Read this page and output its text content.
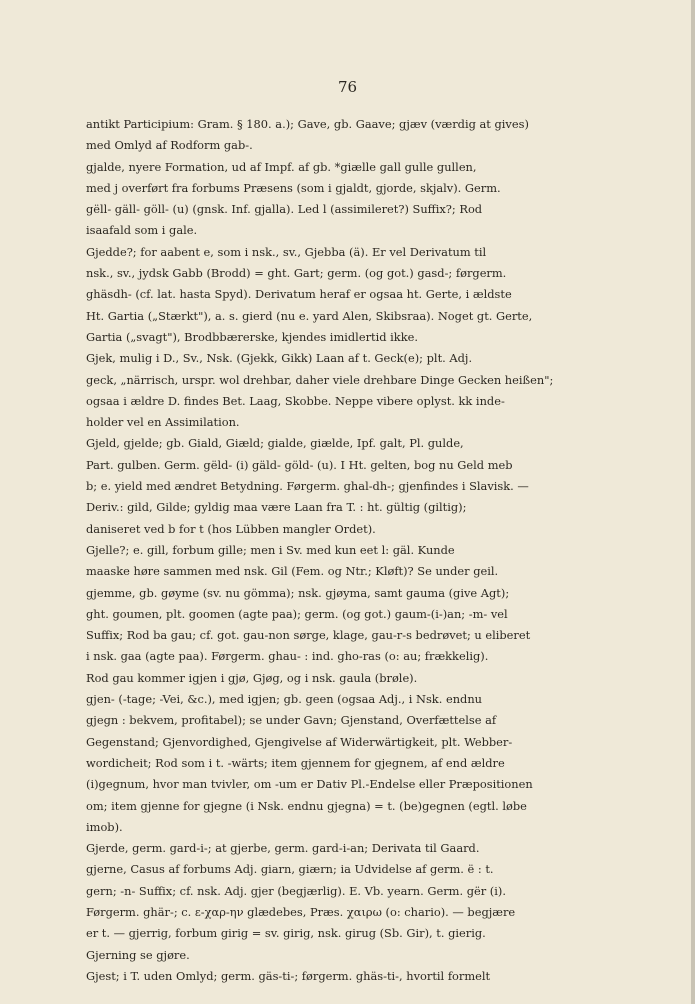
76
antikt Participium: Gram. § 180. a.); Gave, gb. Gaave; gjæv (værdig at gives)
med Omlyd af Rodform gab-.
gjalde, nyere Formation, ud af Impf. af gb. *giælle gall gulle gullen,
med j overført fra forbums Præsens (som i gjaldt, gjorde, skjalv). Germ.
gëll- gäll- göll- (u) (gnsk. Inf. gjalla). Led l (assimileret?) Suffix?; Rod
isaafald som i gale.
Gjedde?; for aabent e, som i nsk., sv., Gjebba (ä). Er vel Derivatum til
nsk., sv., jydsk Gabb (Brodd) = ght. Gart; germ. (og got.) gasd-; førgerm.
ghäsdh- (cf. lat. hasta Spyd). Derivatum heraf er ogsaa ht. Gerte, i ældste
Ht. Gartia („Stærkt"), a. s. gierd (nu e. yard Alen, Skibsraa). Noget gt. Gerte,
Gartia („svagt"), Brodbbærerske, kjendes imidlertid ikke.
Gjek, mulig i D., Sv., Nsk. (Gjekk, Gikk) Laan af t. Geck(e); plt. Adj.
geck, „närrisch, urspr. wol drehbar, daher viele drehbare Dinge Gecken heißen";
ogsaa i ældre D. findes Bet. Laag, Skobbe. Neppe vibere oplyst. kk inde-
holder vel en Assimilation.
Gjeld, gjelde; gb. Giald, Giæld; gialde, giælde, Ipf. galt, Pl. gulde,
Part. gulben. Germ. gëld- (i) gäld- göld- (u). I Ht. gelten, bog nu Geld meb
b; e. yield med ændret Betydning. Førgerm. ghal-dh-; gjenfindes i Slavisk. —
Deriv.: gild, Gilde; gyldig maa være Laan fra T. : ht. gültig (giltig);
daniseret ved b for t (hos Lübben mangler Ordet).
Gjelle?; e. gill, forbum gille; men i Sv. med kun eet l: gäl. Kunde
maaske høre sammen med nsk. Gil (Fem. og Ntr.; Kløft)? Se under geil.
gjemme, gb. gøyme (sv. nu gömma); nsk. gjøyma, samt gauma (give Agt);
ght. goumen, plt. goomen (agte paa); germ. (og got.) gaum-(i-)an; -m- vel
Suffix; Rod ba gau; cf. got. gau-non sørge, klage, gau-r-s bedrøvet; u eliberet
i nsk. gaa (agte paa). Førgerm. ghau- : ind. gho-ras (o: au; frækkelig).
Rod gau kommer igjen i gjø, Gjøg, og i nsk. gaula (brøle).
gjen- (-tage; -Vei, &c.), med igjen; gb. geen (ogsaa Adj., i Nsk. endnu
gjegn : bekvem, profitabel); se under Gavn; Gjenstand, Overfættelse af
Gegenstand; Gjenvordighed, Gjengivelse af Widerwärtigkeit, plt. Webber-
wordicheit; Rod som i t. -wärts; item gjennem for gjegnem, af end ældre
(i)gegnum, hvor man tvivler, om -um er Dativ Pl.-Endelse eller Præpositionen
om; item gjenne for gjegne (i Nsk. endnu gjegna) = t. (be)gegnen (egtl. løbe
imob).
Gjerde, germ. gard-i-; at gjerbe, germ. gard-i-an; Derivata til Gaard.
gjerne, Casus af forbums Adj. giarn, giærn; ia Udvidelse af germ. ë : t.
gern; -n- Suffix; cf. nsk. Adj. gjer (begjærlig). E. Vb. yearn. Germ. gër (i).
Førgerm. ghär-; c. ε-χαρ-ην glædebes, Præs. χαιρω (o: chario). — begjære
er t. — gjerrig, forbum girig = sv. girig, nsk. girug (Sb. Gir), t. gierig.
Gjerning se gjøre.
Gjest; i T. uden Omlyd; germ. gäs-ti-; førgerm. ghäs-ti-, hvortil formelt
